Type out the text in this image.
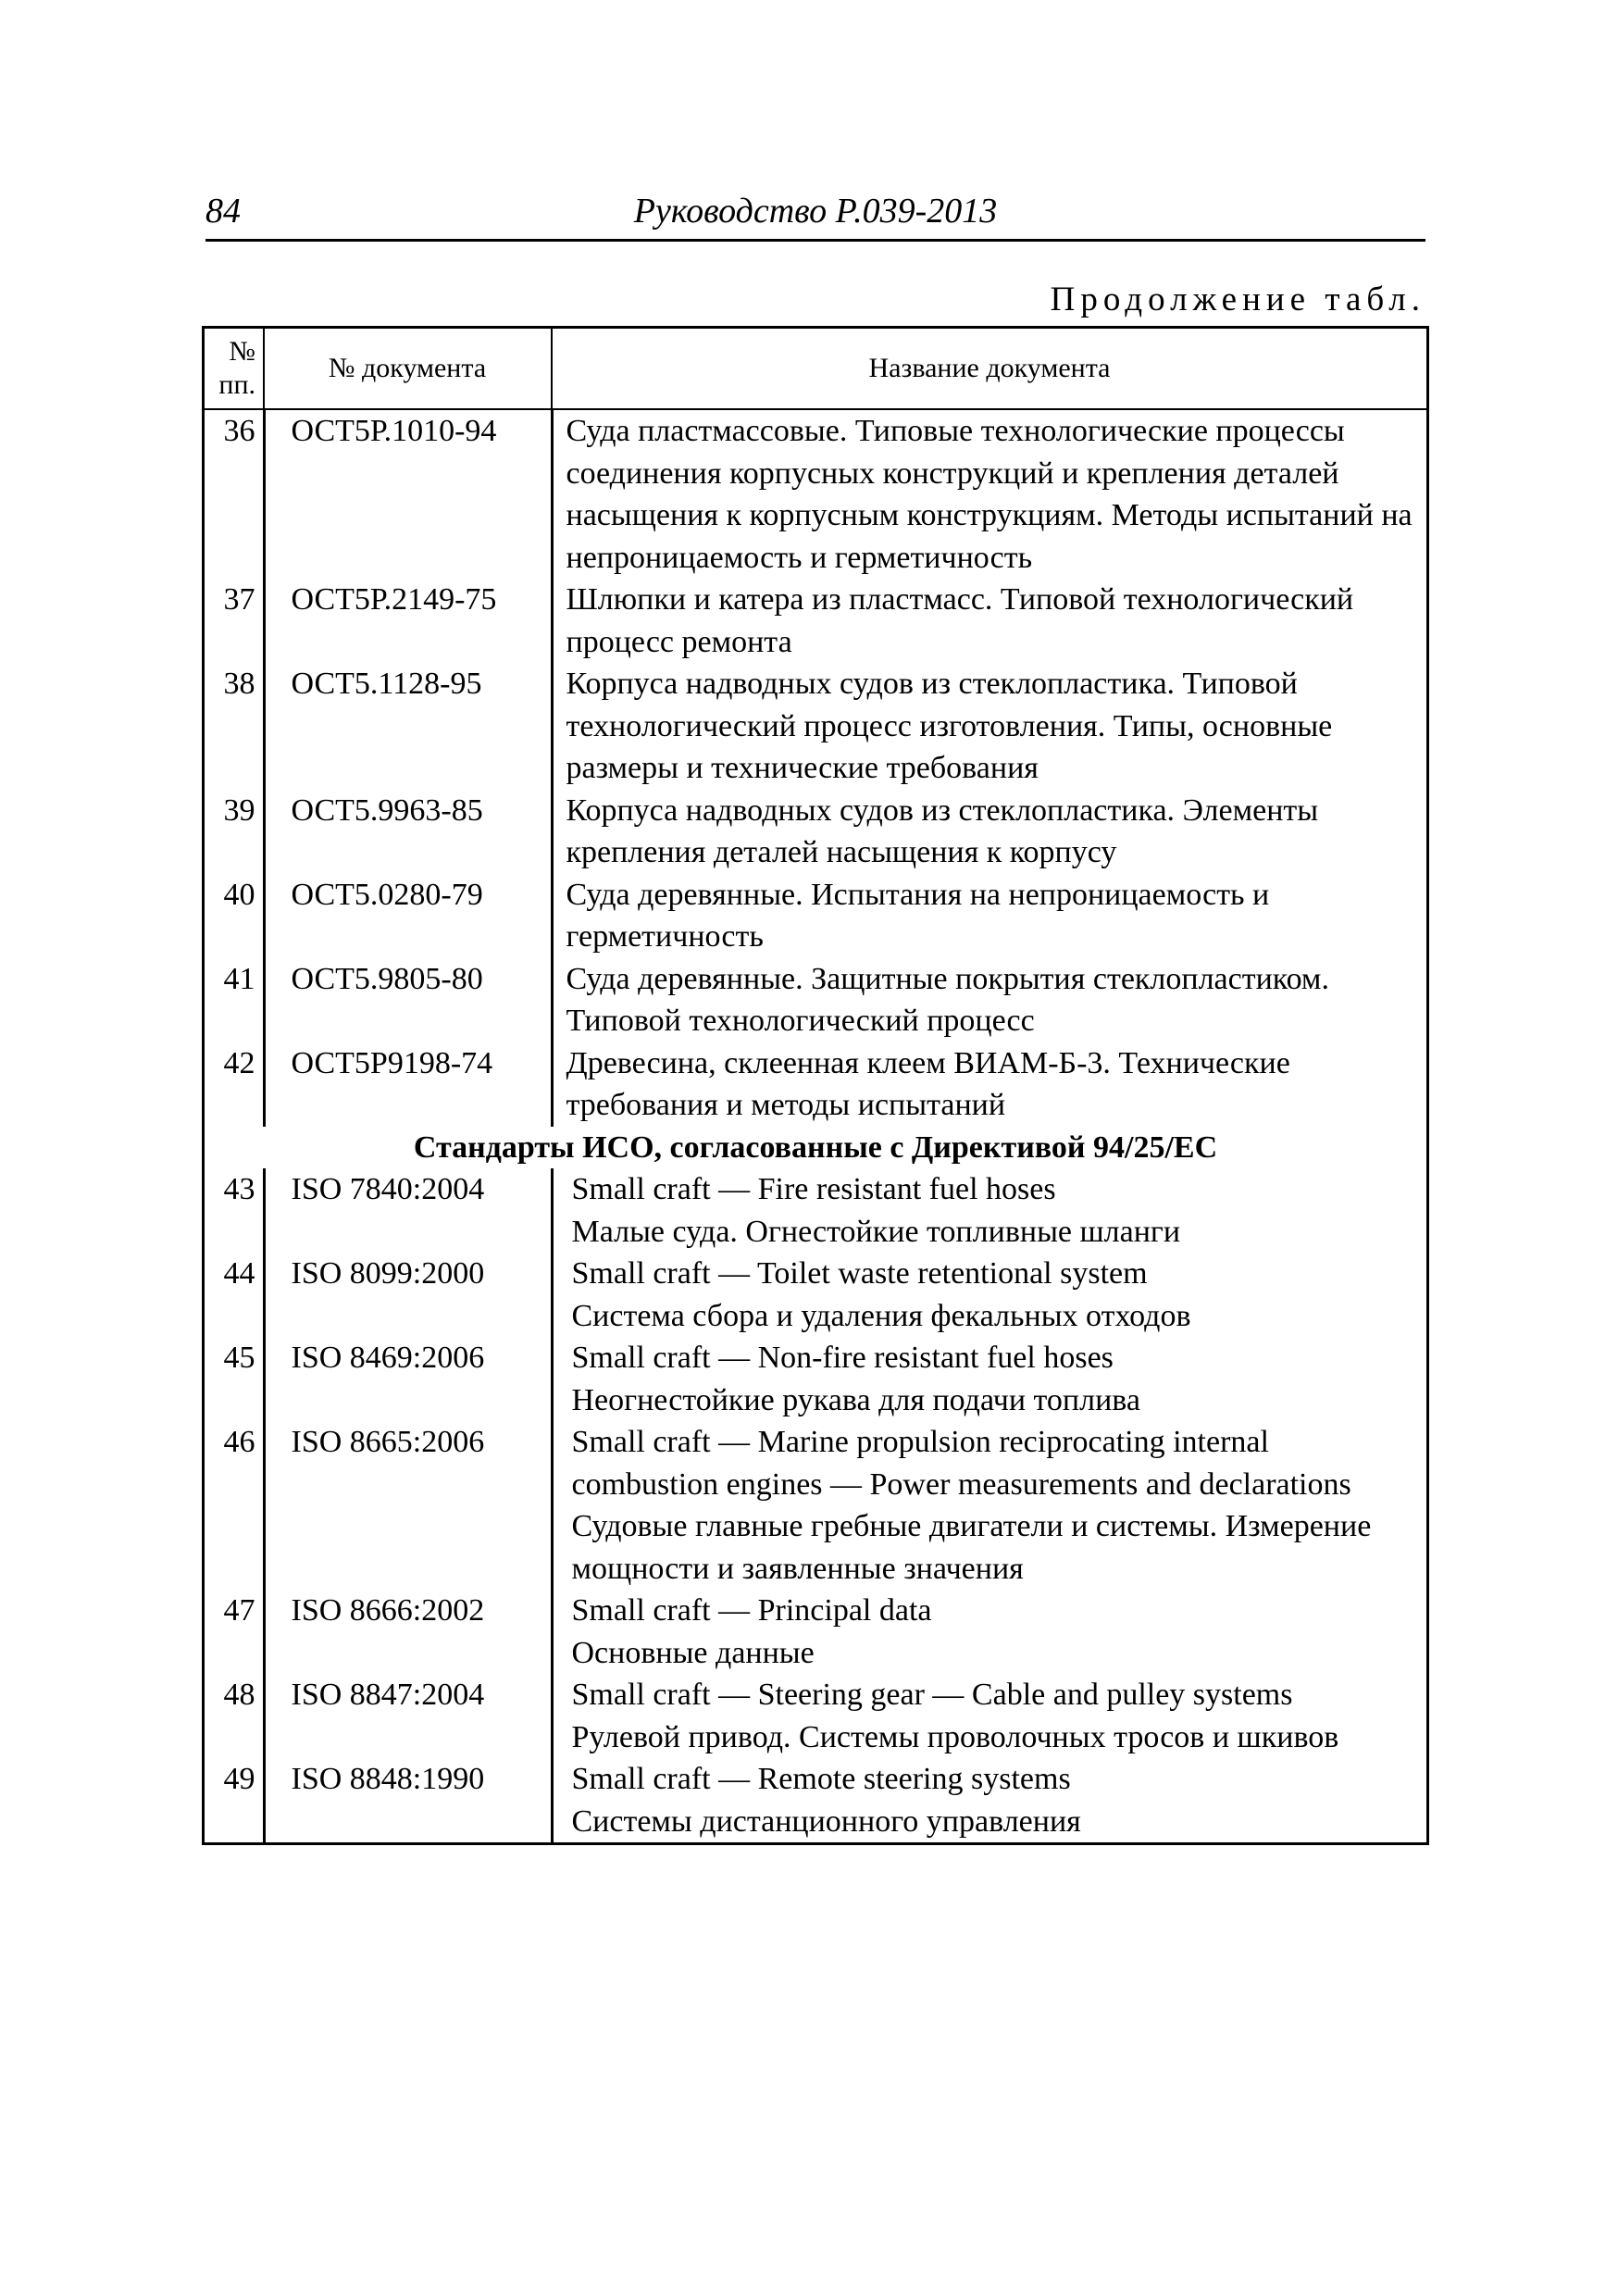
84	Руководство Р.039-2013
Продолжение табл.
№ пп.	№ документа	Название документа
36	ОСТ5Р.1010-94	Суда пластмассовые. Типовые технологические процессы соединения корпусных конструкций и крепления деталей насыщения к корпусным конструкциям. Методы испытаний на непроницаемость и герметичность

37	ОСТ5Р.2149-75	Шлюпки и катера из пластмасс. Типовой технологический процесс ремонта

38	ОСТ5.1128-95	Корпуса надводных судов из стеклопластика. Типовой технологический процесс изготовления. Типы, основные размеры и технические требования

39	ОСТ5.9963-85	Корпуса надводных судов из стеклопластика. Элементы крепления деталей насыщения к корпусу

40	ОСТ5.0280-79	Суда деревянные. Испытания на непроницаемость и герметичность

41	ОСТ5.9805-80	Суда деревянные. Защитные покрытия стеклопластиком. Типовой технологический процесс

42	ОСТ5Р9198-74	Древесина, склеенная клеем ВИАМ-Б-3. Технические требования и методы испытаний

Стандарты ИСО, согласованные с Директивой 94/25/ЕС		
43	ISO 7840:2004	Small craft — Fire resistant fuel hoses
Малые суда. Огнестойкие топливные шланги

44	ISO 8099:2000	Small craft — Toilet waste retentional system
Система сбора и удаления фекальных отходов

45	ISO 8469:2006	Small craft — Non-fire resistant fuel hoses
Неогнестойкие рукава для подачи топлива

46	ISO 8665:2006	Small craft — Marine propulsion reciprocating internal combustion engines — Power measurements and declarations
Судовые главные гребные двигатели и системы. Измерение мощности и заявленные значения

47	ISO 8666:2002	Small craft — Principal data
Основные данные

48	ISO 8847:2004	Small craft — Steering gear — Cable and pulley systems
Рулевой привод. Системы проволочных тросов и шкивов

49	ISO 8848:1990	Small craft — Remote steering systems
Системы дистанционного управления
